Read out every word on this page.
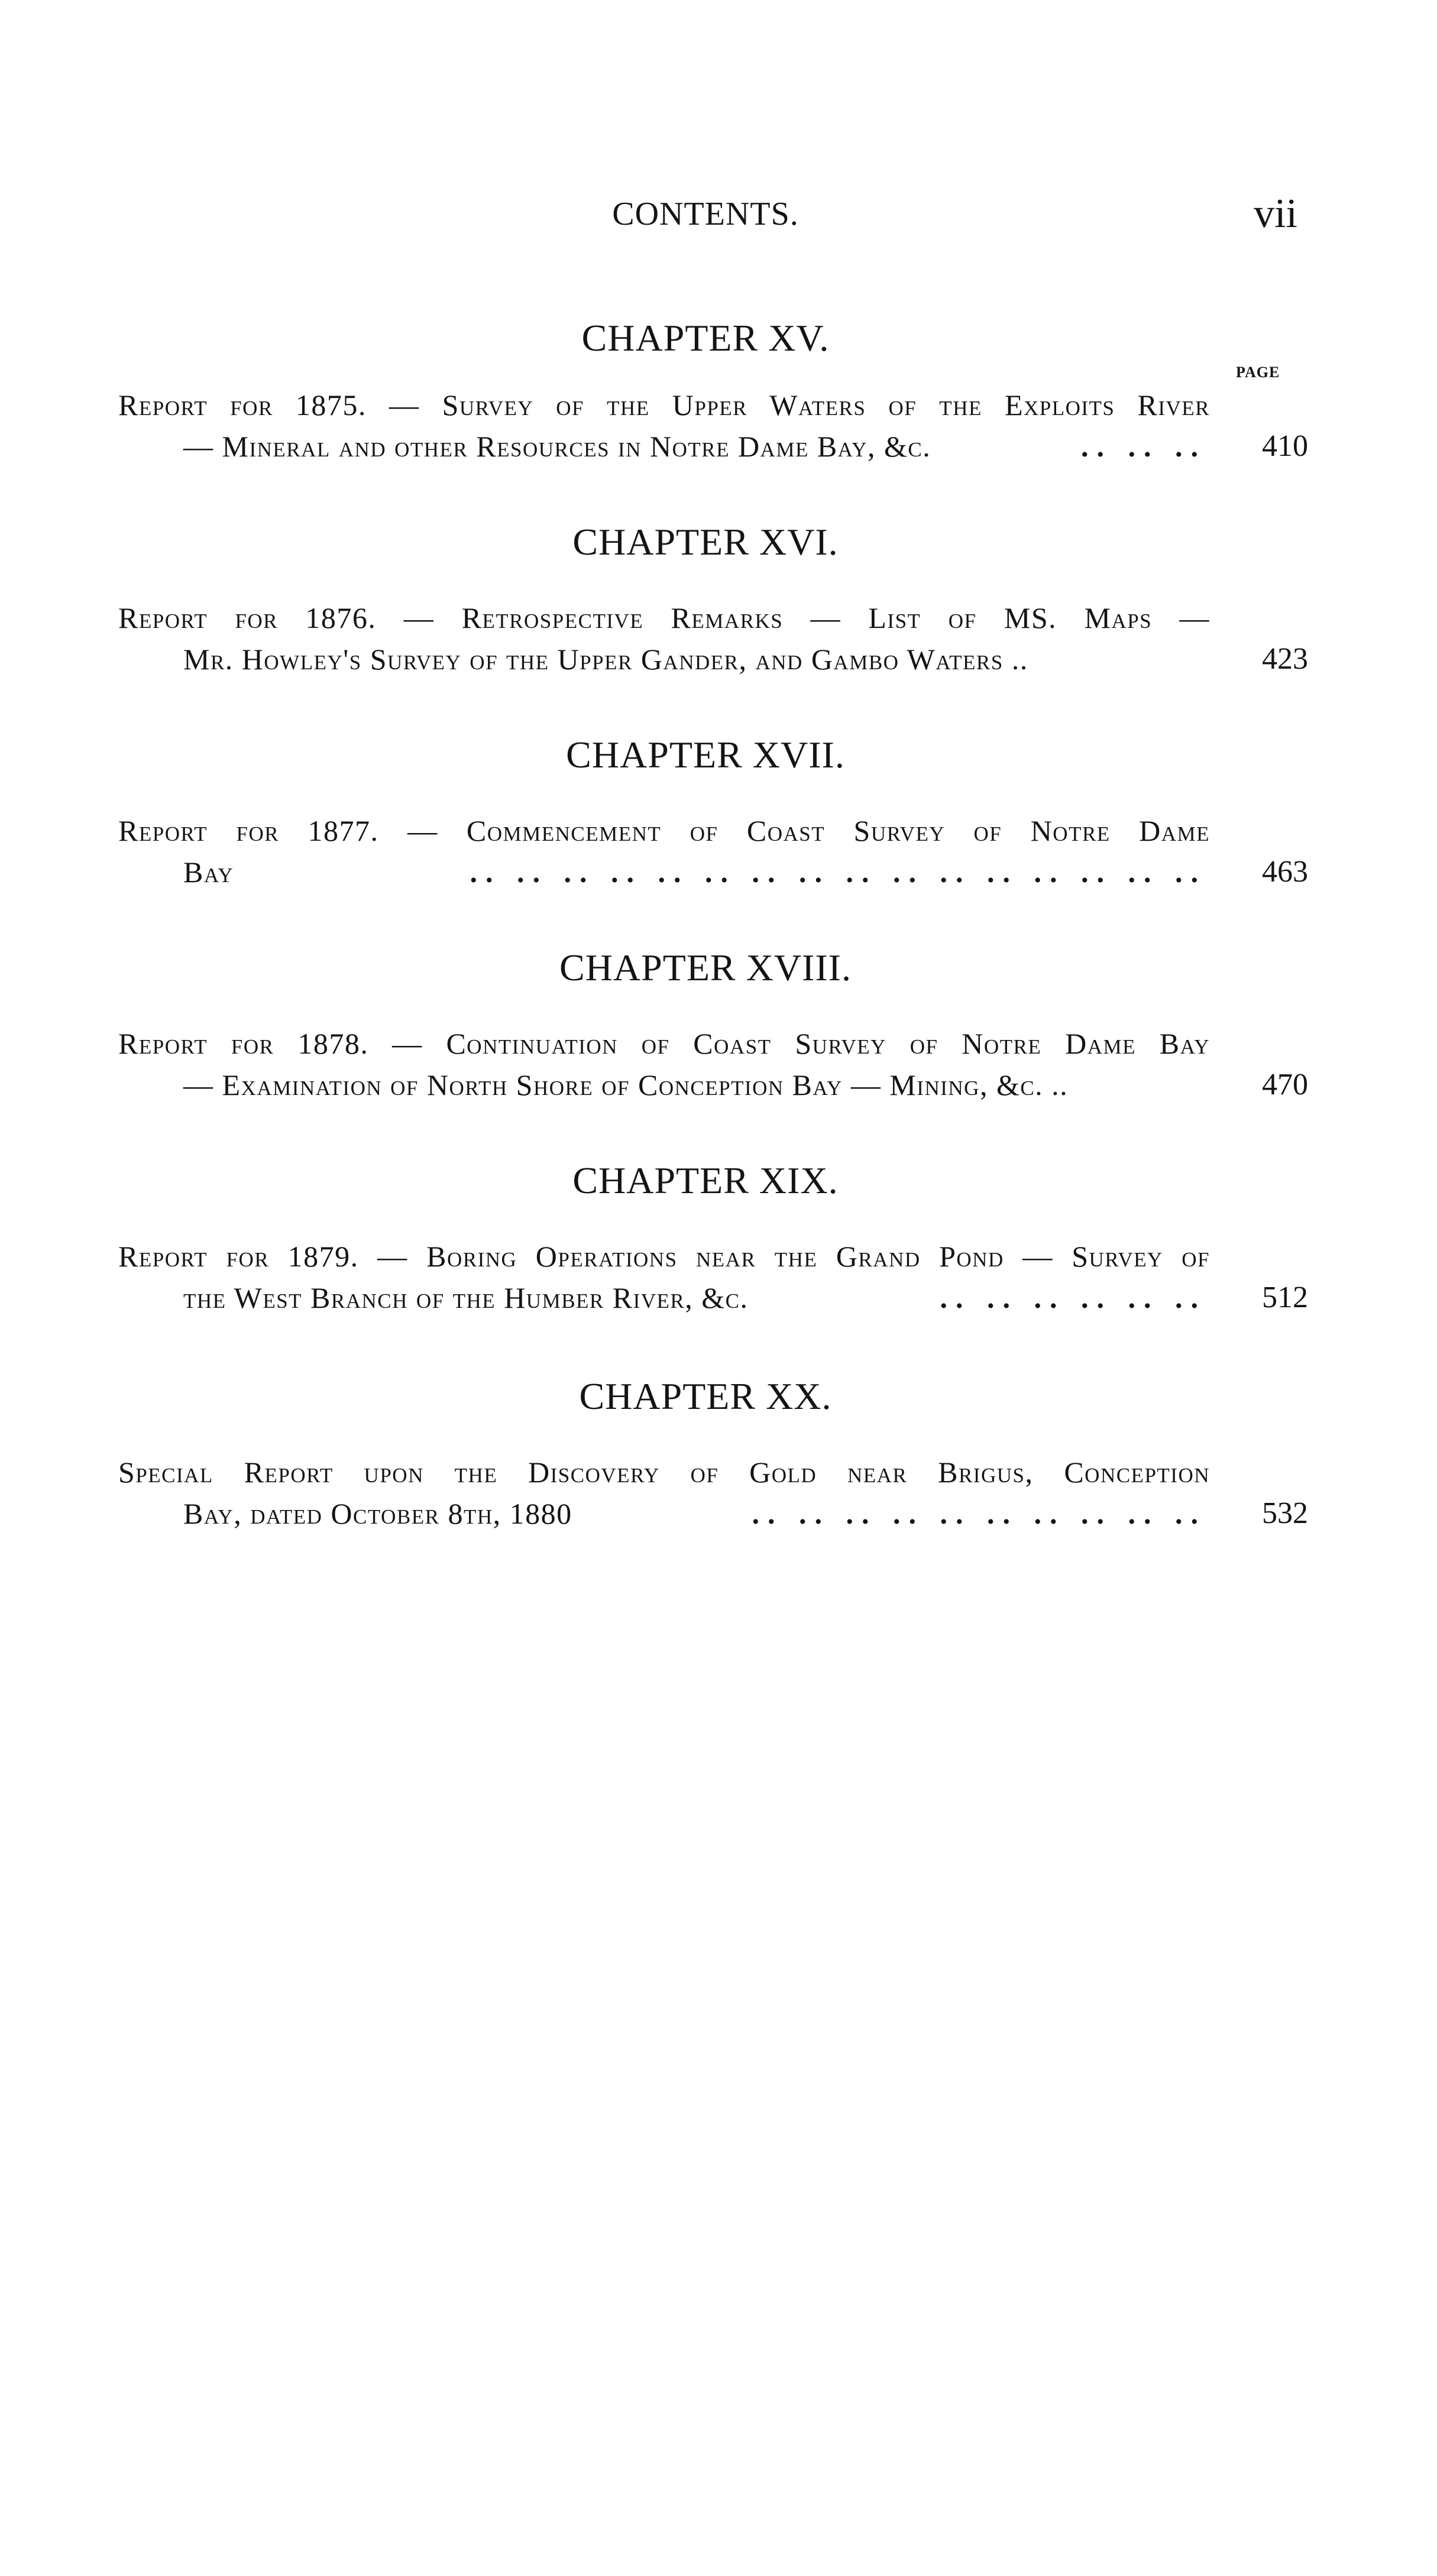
CONTENTS.	vii
CHAPTER XV.
PAGE
Report for 1875. — Survey of the Upper Waters of the Exploits River
— Mineral and other Resources in Notre Dame Bay, &c.	.. .. ..	410
CHAPTER XVI.
Report for 1876. — Retrospective Remarks — List of MS. Maps —
Mr. Howley's Survey of the Upper Gander, and Gambo Waters ..	423
CHAPTER XVII.
Report for 1877. — Commencement of Coast Survey of Notre Dame
Bay	.. .. .. .. .. .. .. .. .. .. .. .. .. .. .. ..	463
CHAPTER XVIII.
Report for 1878. — Continuation of Coast Survey of Notre Dame Bay
— Examination of North Shore of Conception Bay — Mining, &c. ..	470
CHAPTER XIX.
Report for 1879. — Boring Operations near the Grand Pond — Survey of
the West Branch of the Humber River, &c.	.. .. .. .. .. ..	512
CHAPTER XX.
Special Report upon the Discovery of Gold near Brigus, Conception
Bay, dated October 8th, 1880	.. .. .. .. .. .. .. .. .. ..	532
